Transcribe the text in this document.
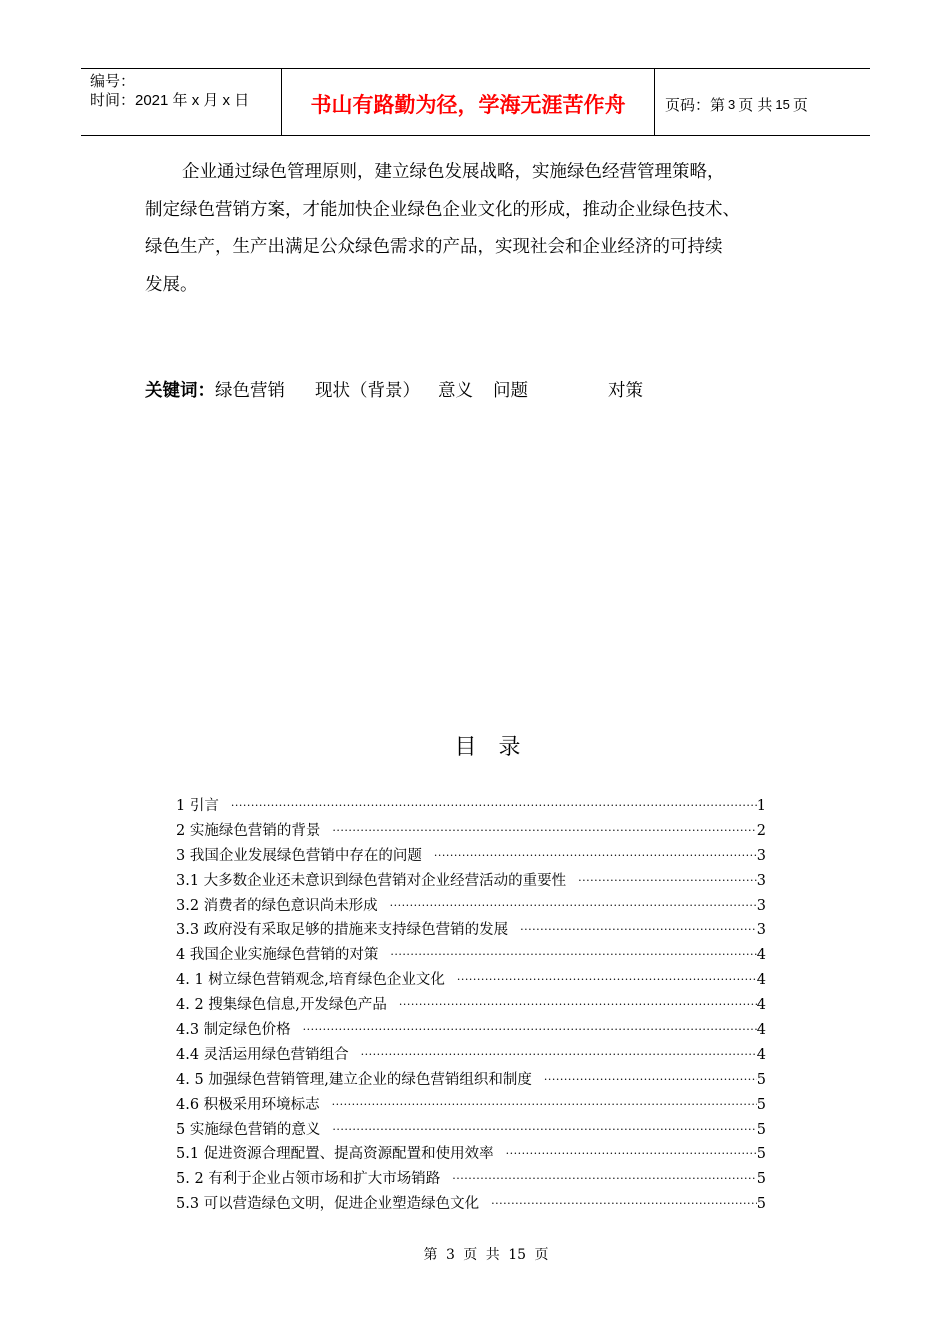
编号：
时间：2021 年 x 月 x 日	书山有路勤为径，学海无涯苦作舟	页码：第 3 页 共 15 页
企业通过绿色管理原则，建立绿色发展战略，实施绿色经营管理策略，
制定绿色营销方案，才能加快企业绿色企业文化的形成，推动企业绿色技术、
绿色生产，生产出满足公众绿色需求的产品，实现社会和企业经济的可持续
发展。
关键词：绿色营销 现状（背景） 意义 问题	对策
目录
1 引言 ·····	1
2 实施绿色营销的背景 ·····	2
3 我国企业发展绿色营销中存在的问题 ·····	3
3.1 大多数企业还未意识到绿色营销对企业经营活动的重要性 ·····	3
3.2 消费者的绿色意识尚未形成 ·····	3
3.3 政府没有采取足够的措施来支持绿色营销的发展 ·····	3
4 我国企业实施绿色营销的对策 ·····	4
4. 1 树立绿色营销观念,培育绿色企业文化 ·····	4
4. 2 搜集绿色信息,开发绿色产品 ·····	4
4.3 制定绿色价格 ·····	4
4.4 灵活运用绿色营销组合 ·····	4
4. 5 加强绿色营销管理,建立企业的绿色营销组织和制度 ·····	5
4.6 积极采用环境标志 ·····	5
5 实施绿色营销的意义 ·····	5
5.1 促进资源合理配置、提高资源配置和使用效率 ·····	5
5. 2 有利于企业占领市场和扩大市场销路 ·····	5
5.3 可以营造绿色文明，促进企业塑造绿色文化 ·····	5
第 3 页 共 15 页
